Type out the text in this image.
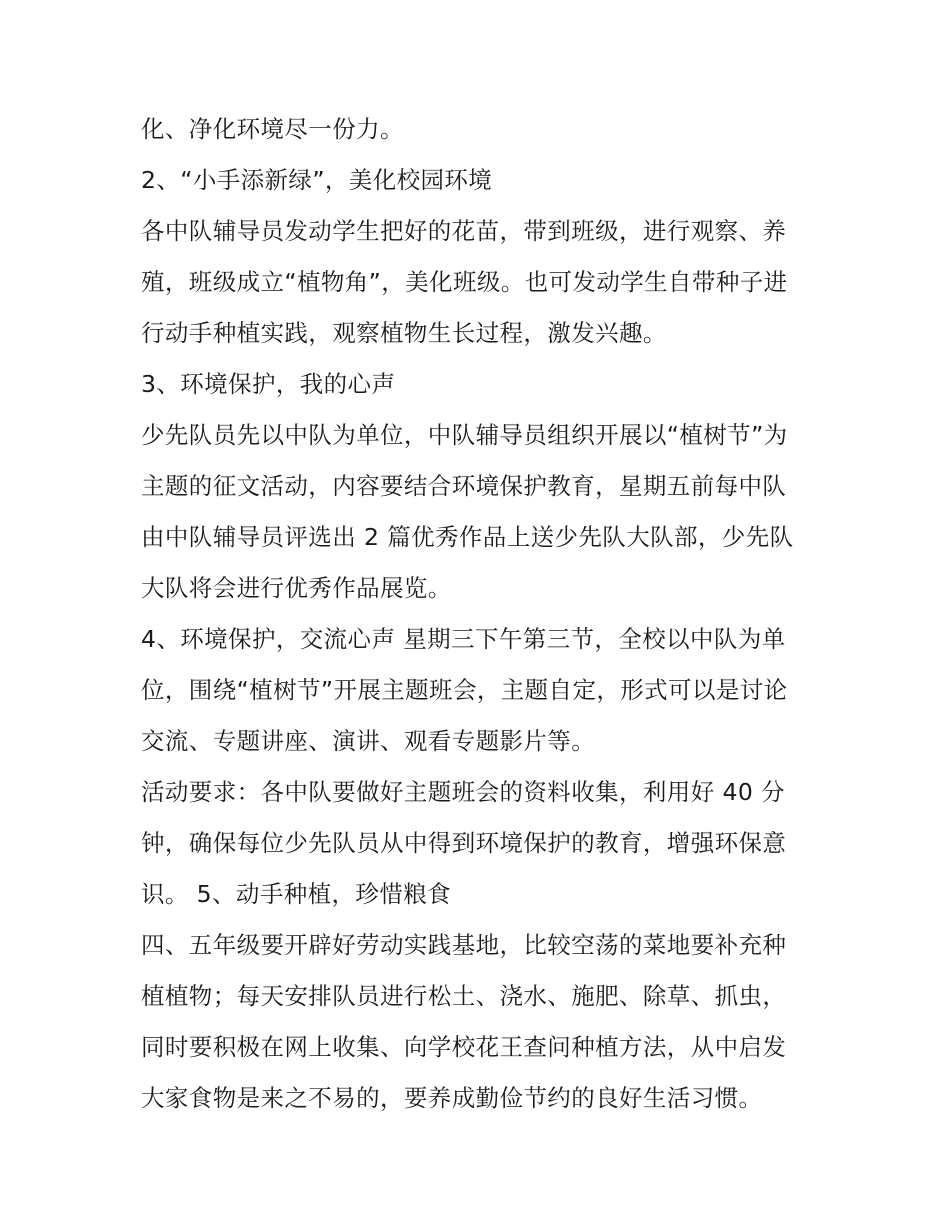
化、净化环境尽一份力。

2、“小手添新绿”，美化校园环境

各中队辅导员发动学生把好的花苗，带到班级，进行观察、养

殖，班级成立“植物角”，美化班级。也可发动学生自带种子进

行动手种植实践，观察植物生长过程，激发兴趣。

3、环境保护，我的心声

少先队员先以中队为单位，中队辅导员组织开展以“植树节”为

主题的征文活动，内容要结合环境保护教育，星期五前每中队

由中队辅导员评选出 2 篇优秀作品上送少先队大队部，少先队

大队将会进行优秀作品展览。

4、环境保护，交流心声 星期三下午第三节，全校以中队为单

位，围绕“植树节”开展主题班会，主题自定，形式可以是讨论

交流、专题讲座、演讲、观看专题影片等。

活动要求：各中队要做好主题班会的资料收集，利用好 40 分

钟，确保每位少先队员从中得到环境保护的教育，增强环保意

识。 5、动手种植，珍惜粮食

四、五年级要开辟好劳动实践基地，比较空荡的菜地要补充种

植植物；每天安排队员进行松土、浇水、施肥、除草、抓虫，

同时要积极在网上收集、向学校花王查问种植方法，从中启发

大家食物是来之不易的，要养成勤俭节约的良好生活习惯。
